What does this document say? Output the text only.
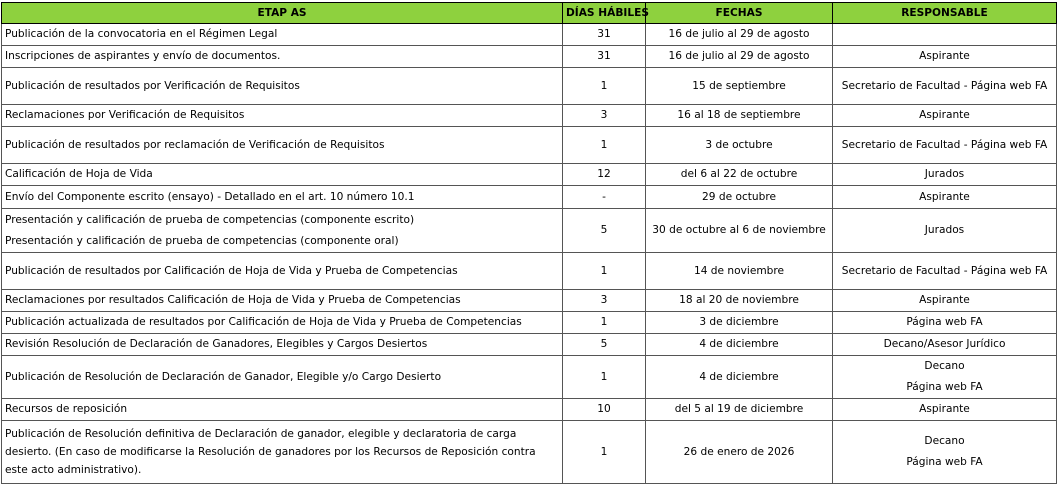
ETAP AS	DÍAS HÁBILES	FECHAS	RESPONSABLE

Publicación de la convocatoria en el Régimen Legal	31	16 de julio al 29 de agosto	

Inscripciones de aspirantes y envío de documentos.	31	16 de julio al 29 de agosto	Aspirante

Publicación de resultados por Verificación de Requisitos	1	15 de septiembre	Secretario de Facultad - Página web FA

Reclamaciones por Verificación de Requisitos	3	16 al 18 de septiembre	Aspirante

Publicación de resultados por reclamación de Verificación de Requisitos	1	3 de octubre	Secretario de Facultad - Página web FA

Calificación de Hoja de Vida	12	del 6 al 22 de octubre	Jurados

Envío del Componente escrito (ensayo) - Detallado en el art. 10 número 10.1	-	29 de octubre	Aspirante

Presentación y calificación de prueba de competencias (componente escrito)
Presentación y calificación de prueba de competencias (componente oral)	5	30 de octubre al 6 de noviembre	Jurados

Publicación de resultados por Calificación de Hoja de Vida y Prueba de Competencias	1	14 de noviembre	Secretario de Facultad - Página web FA

Reclamaciones por resultados Calificación de Hoja de Vida y Prueba de Competencias	3	18 al 20 de noviembre	Aspirante

Publicación actualizada de resultados por Calificación de Hoja de Vida y Prueba de Competencias	1	3 de diciembre	Página web FA

Revisión Resolución de Declaración de Ganadores, Elegibles y Cargos Desiertos	5	4 de diciembre	Decano/Asesor Jurídico

Publicación de Resolución de Declaración de Ganador, Elegible y/o Cargo Desierto	1	4 de diciembre	Decano
Página web FA

Recursos de reposición	10	del 5 al 19 de diciembre	Aspirante

Publicación de Resolución definitiva de Declaración de ganador, elegible y declaratoria de carga desierto. (En caso de modificarse la Resolución de ganadores por los Recursos de Reposición contra este acto administrativo).	1	26 de enero de 2026	Decano
Página web FA
